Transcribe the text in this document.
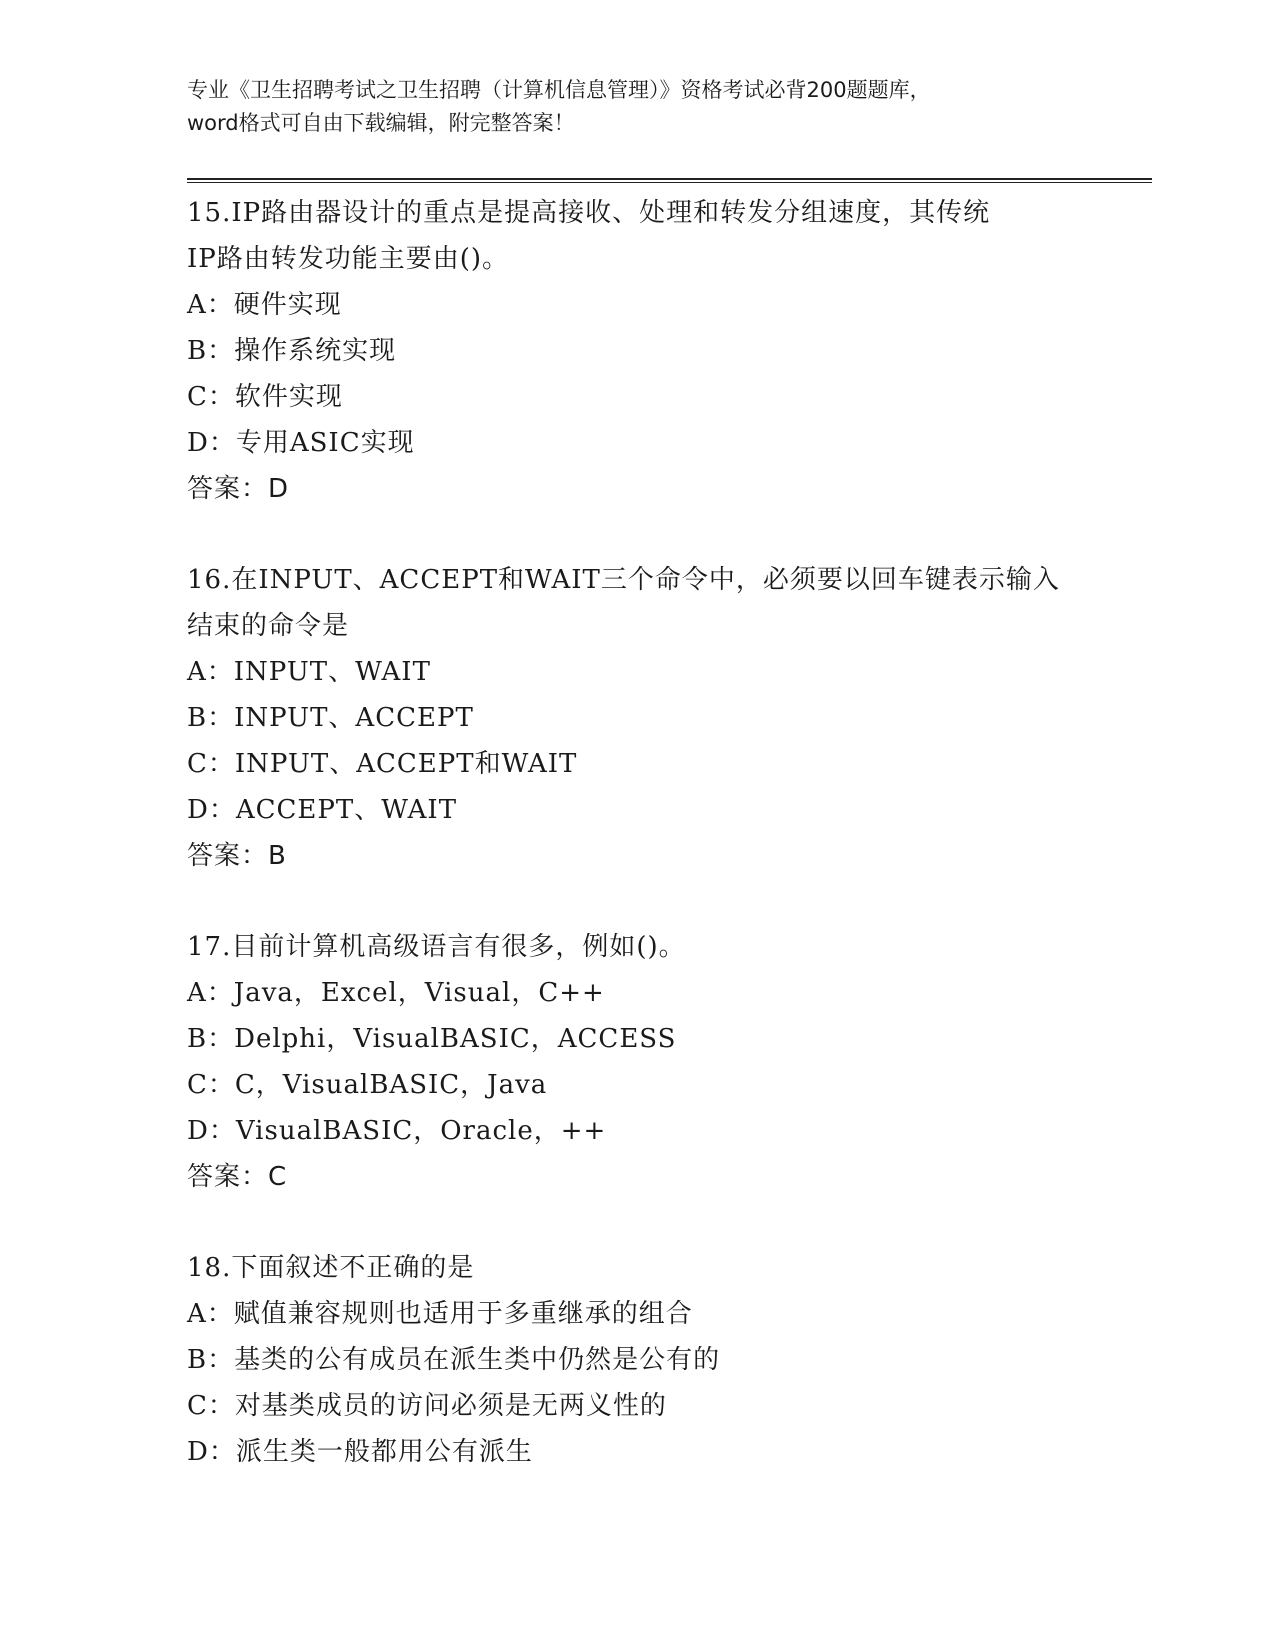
专业《卫生招聘考试之卫生招聘（计算机信息管理）》资格考试必背200题题库，
word格式可自由下载编辑，附完整答案！
15.IP路由器设计的重点是提高接收、处理和转发分组速度，其传统
IP路由转发功能主要由()。
A：硬件实现
B：操作系统实现
C：软件实现
D：专用ASIC实现
答案：D
16.在INPUT、ACCEPT和WAIT三个命令中，必须要以回车键表示输入
结束的命令是
A：INPUT、WAIT
B：INPUT、ACCEPT
C：INPUT、ACCEPT和WAIT
D：ACCEPT、WAIT
答案：B
17.目前计算机高级语言有很多，例如()。
A：Java，Excel，Visual，C++
B：Delphi，VisualBASIC，ACCESS
C：C，VisualBASIC，Java
D：VisualBASIC，Oracle，++
答案：C
18.下面叙述不正确的是
A：赋值兼容规则也适用于多重继承的组合
B：基类的公有成员在派生类中仍然是公有的
C：对基类成员的访问必须是无两义性的
D：派生类一般都用公有派生
